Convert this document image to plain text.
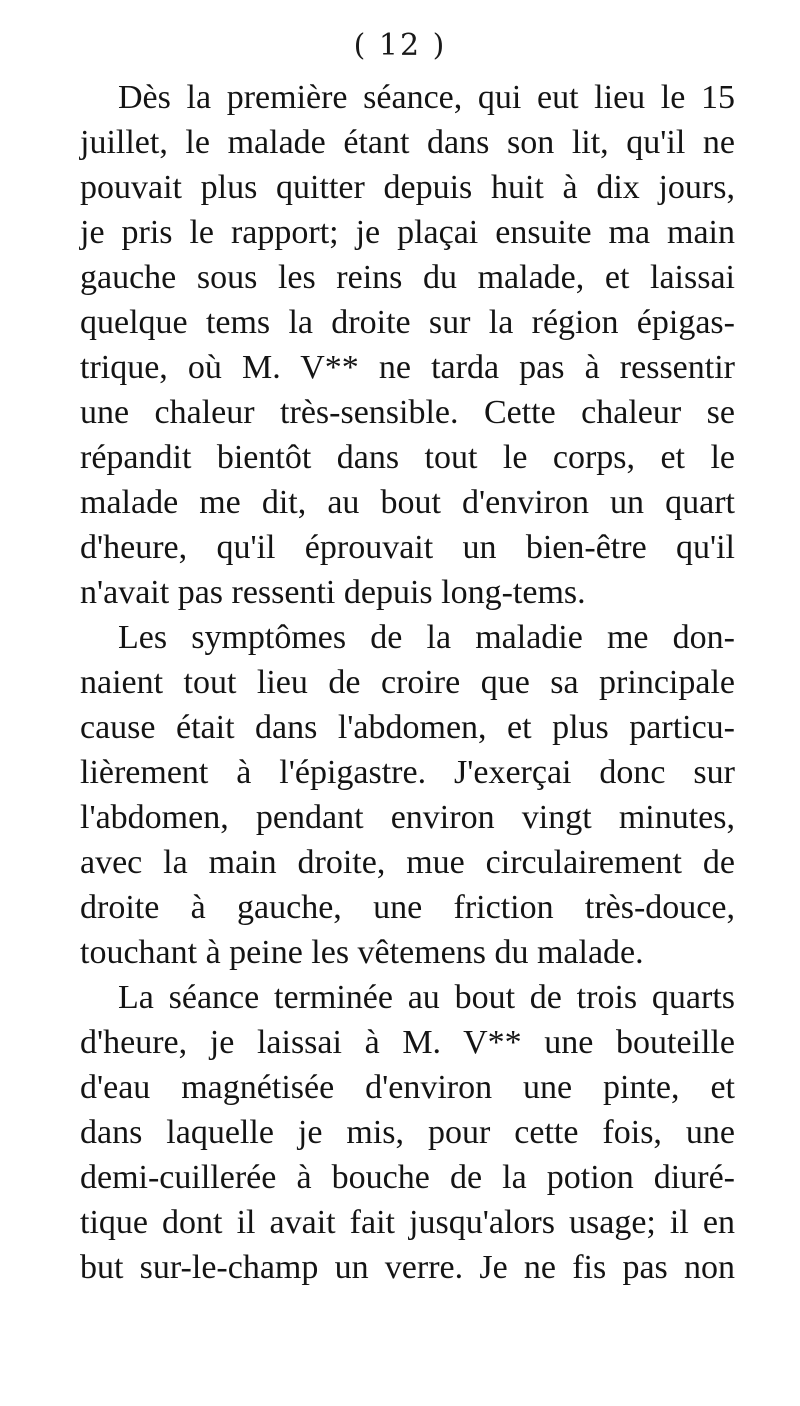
( 12 )
Dès la première séance, qui eut lieu le 15
juillet, le malade étant dans son lit, qu'il ne
pouvait plus quitter depuis huit à dix jours,
je pris le rapport; je plaçai ensuite ma main
gauche sous les reins du malade, et laissai
quelque tems la droite sur la région épigas-
trique, où M. V** ne tarda pas à ressentir
une chaleur très-sensible. Cette chaleur se
répandit bientôt dans tout le corps, et le
malade me dit, au bout d'environ un quart
d'heure, qu'il éprouvait un bien-être qu'il
n'avait pas ressenti depuis long-tems.
Les symptômes de la maladie me don-
naient tout lieu de croire que sa principale
cause était dans l'abdomen, et plus particu-
lièrement à l'épigastre. J'exerçai donc sur
l'abdomen, pendant environ vingt minutes,
avec la main droite, mue circulairement de
droite à gauche, une friction très-douce,
touchant à peine les vêtemens du malade.
La séance terminée au bout de trois quarts
d'heure, je laissai à M. V** une bouteille
d'eau magnétisée d'environ une pinte, et
dans laquelle je mis, pour cette fois, une
demi-cuillerée à bouche de la potion diuré-
tique dont il avait fait jusqu'alors usage; il en
but sur-le-champ un verre. Je ne fis pas non
